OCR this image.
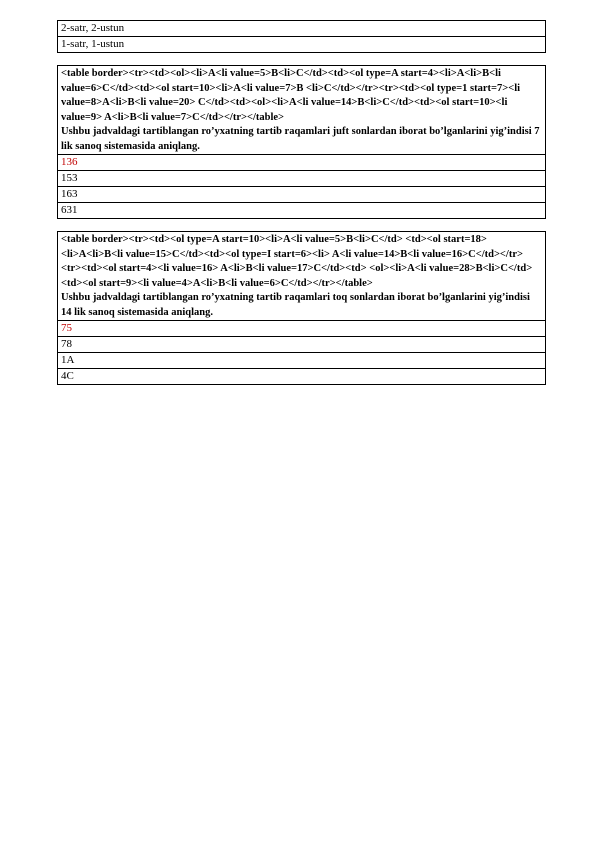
2-satr, 2-ustun
1-satr, 1-ustun
<table border><tr><td><ol><li>A<li value=5>B<li>C</td><td><ol type=A start=4><li>A<li>B<li value=6>C</td><td><ol start=10><li>A<li value=7>B <li>C</td></tr><tr><td><ol type=1 start=7><li value=8>A<li>B<li value=20> C</td><td><ol><li>A<li value=14>B<li>C</td><td><ol start=10><li value=9> A<li>B<li value=7>C</td></tr></table>
Ushbu jadvaldagi tartiblangan ro’yxatning tartib raqamlari juft sonlardan iborat bo’lganlarini yig’indisi 7 lik sanoq sistemasida aniqlang.

136
153
163
631
<table border><tr><td><ol type=A start=10><li>A<li value=5>B<li>C</td> <td><ol start=18><li>A<li>B<li value=15>C</td><td><ol type=I start=6><li> A<li value=14>B<li value=16>C</td></tr><tr><td><ol start=4><li value=16> A<li>B<li value=17>C</td><td> <ol><li>A<li value=28>B<li>C</td><td><ol start=9><li value=4>A<li>B<li value=6>C</td></tr></table>
Ushbu jadvaldagi tartiblangan ro’yxatning tartib raqamlari toq sonlardan iborat bo’lganlarini yig’indisi 14 lik sanoq sistemasida aniqlang.

75
78
1A
4C
